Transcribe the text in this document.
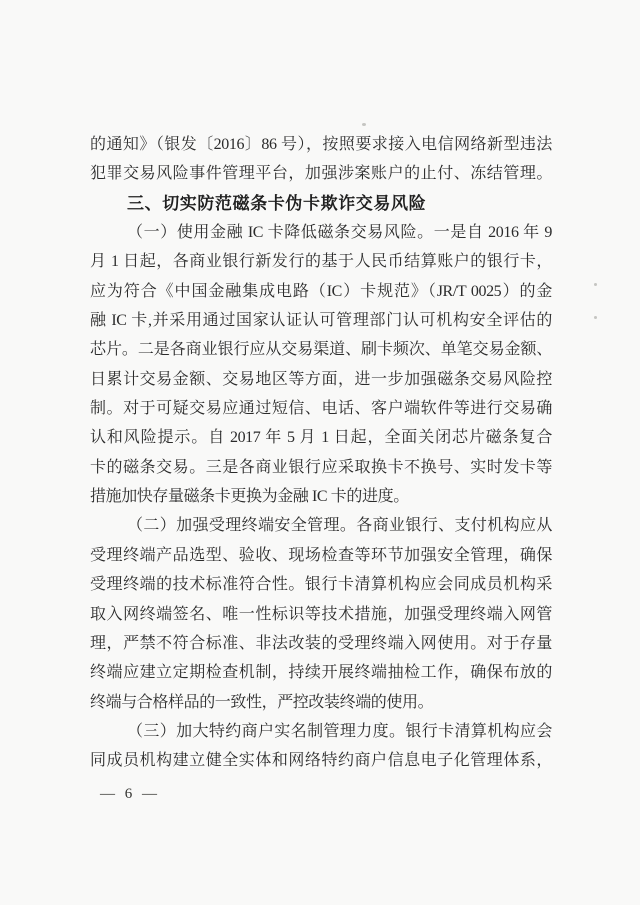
的通知》（银发〔2016〕86 号），按照要求接入电信网络新型违法
犯罪交易风险事件管理平台，加强涉案账户的止付、冻结管理。
三、切实防范磁条卡伪卡欺诈交易风险
（一）使用金融 IC 卡降低磁条交易风险。一是自 2016 年 9
月 1 日起，各商业银行新发行的基于人民币结算账户的银行卡，
应为符合《中国金融集成电路（IC）卡规范》（JR/T 0025）的金
融 IC 卡,并采用通过国家认证认可管理部门认可机构安全评估的
芯片。二是各商业银行应从交易渠道、刷卡频次、单笔交易金额、
日累计交易金额、交易地区等方面，进一步加强磁条交易风险控
制。对于可疑交易应通过短信、电话、客户端软件等进行交易确
认和风险提示。自 2017 年 5 月 1 日起，全面关闭芯片磁条复合
卡的磁条交易。三是各商业银行应采取换卡不换号、实时发卡等
措施加快存量磁条卡更换为金融 IC 卡的进度。
（二）加强受理终端安全管理。各商业银行、支付机构应从
受理终端产品选型、验收、现场检查等环节加强安全管理，确保
受理终端的技术标准符合性。银行卡清算机构应会同成员机构采
取入网终端签名、唯一性标识等技术措施，加强受理终端入网管
理，严禁不符合标准、非法改装的受理终端入网使用。对于存量
终端应建立定期检查机制，持续开展终端抽检工作，确保布放的
终端与合格样品的一致性，严控改装终端的使用。
（三）加大特约商户实名制管理力度。银行卡清算机构应会
同成员机构建立健全实体和网络特约商户信息电子化管理体系，
— 6 —
